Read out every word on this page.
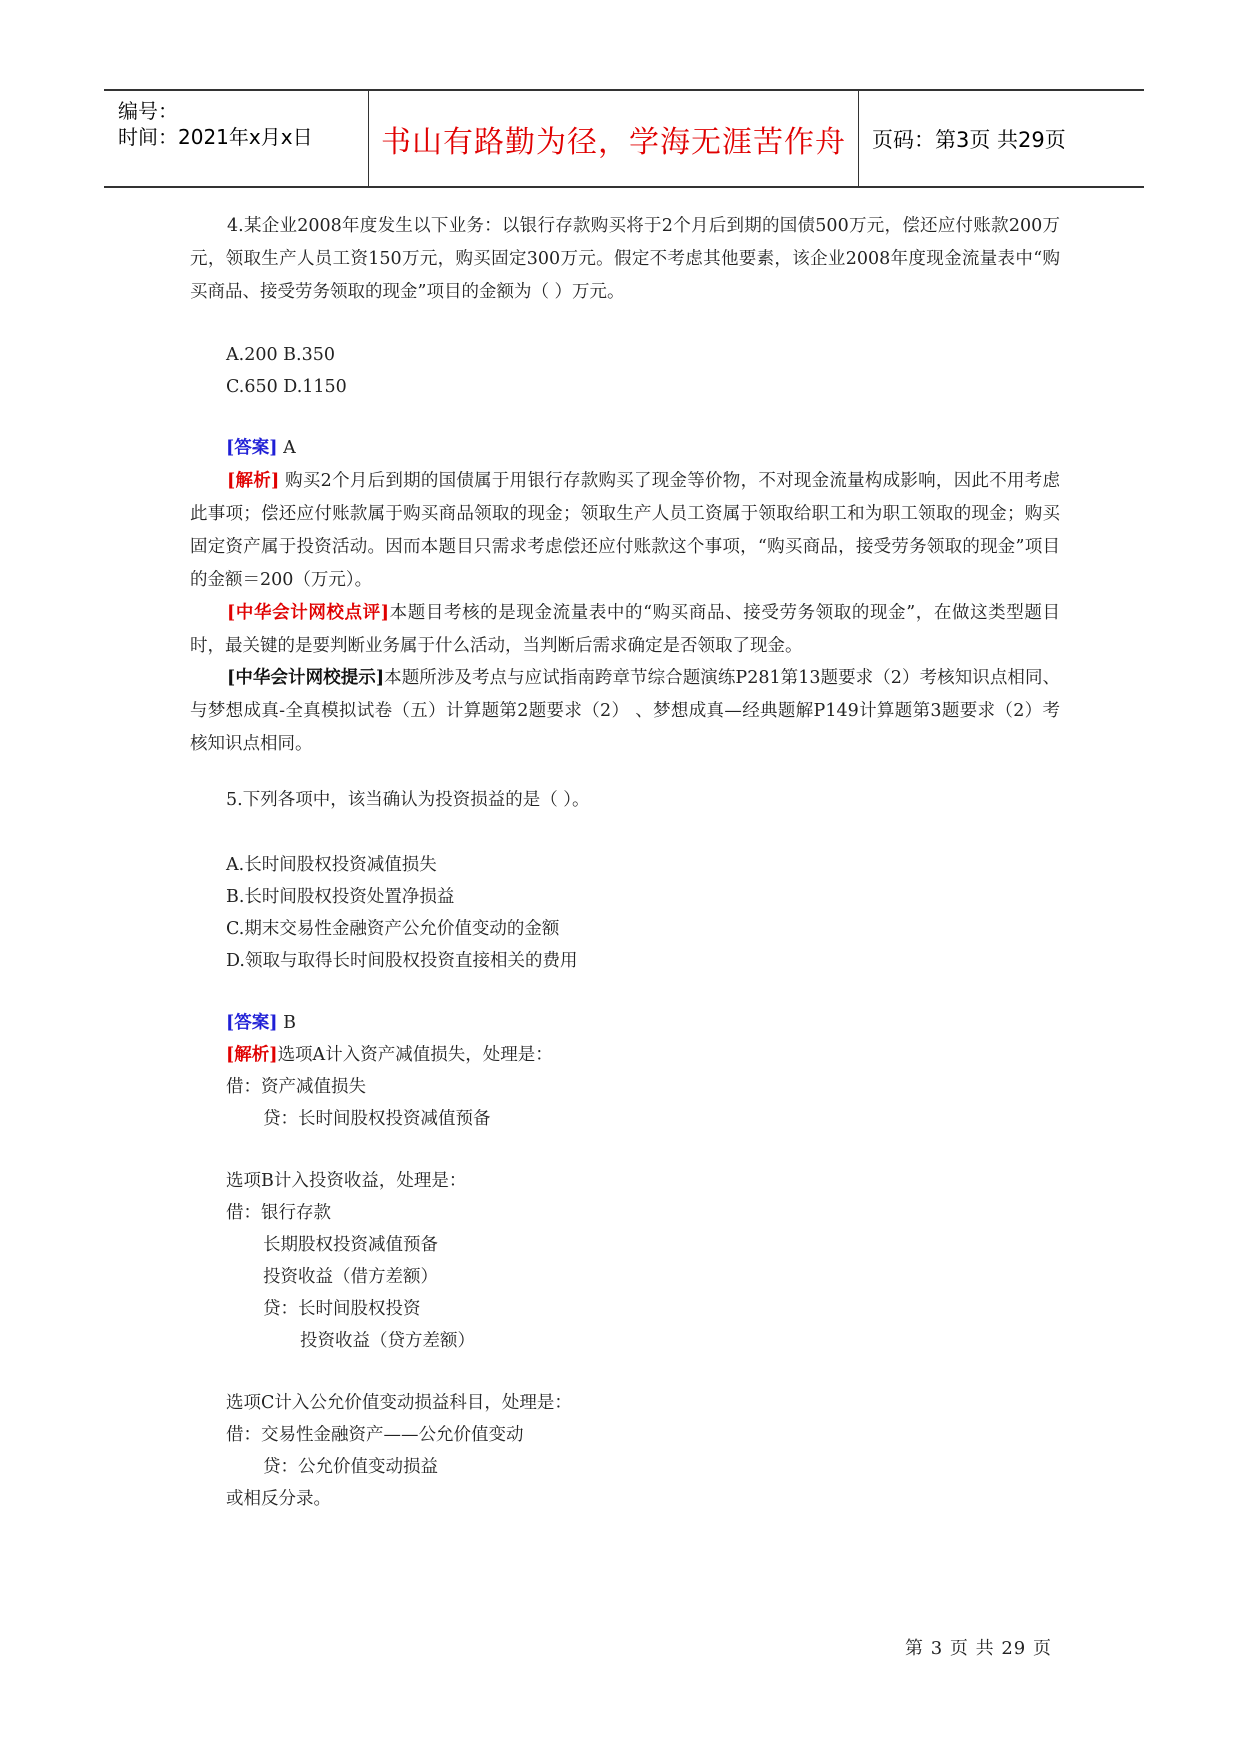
编号：
时间：2021年x月x日	书山有路勤为径，学海无涯苦作舟	页码：第3页 共29页
4.某企业2008年度发生以下业务：以银行存款购买将于2个月后到期的国债500万元，偿还应付账款200万元，领取生产人员工资150万元，购买固定300万元。假定不考虑其他要素，该企业2008年度现金流量表中“购买商品、接受劳务领取的现金”项目的金额为（ ）万元。
A.200 B.350
C.650 D.1150
[答案] A
[解析] 购买2个月后到期的国债属于用银行存款购买了现金等价物，不对现金流量构成影响，因此不用考虑此事项；偿还应付账款属于购买商品领取的现金；领取生产人员工资属于领取给职工和为职工领取的现金；购买固定资产属于投资活动。因而本题目只需求考虑偿还应付账款这个事项，“购买商品，接受劳务领取的现金”项目的金额＝200（万元）。
[中华会计网校点评]本题目考核的是现金流量表中的“购买商品、接受劳务领取的现金”，在做这类型题目时，最关键的是要判断业务属于什么活动，当判断后需求确定是否领取了现金。
[中华会计网校提示]本题所涉及考点与应试指南跨章节综合题演练P281第13题要求（2）考核知识点相同、与梦想成真-全真模拟试卷（五）计算题第2题要求（2） 、梦想成真—经典题解P149计算题第3题要求（2）考核知识点相同。
5.下列各项中，该当确认为投资损益的是（ ）。
A.长时间股权投资减值损失
B.长时间股权投资处置净损益
C.期末交易性金融资产公允价值变动的金额
D.领取与取得长时间股权投资直接相关的费用
[答案] B
[解析]选项A计入资产减值损失，处理是：
借：资产减值损失
贷：长时间股权投资减值预备
选项B计入投资收益，处理是：
借：银行存款
长期股权投资减值预备
投资收益（借方差额）
贷：长时间股权投资
投资收益（贷方差额）
选项C计入公允价值变动损益科目，处理是：
借：交易性金融资产——公允价值变动
贷：公允价值变动损益
或相反分录。
第 3 页 共 29 页
